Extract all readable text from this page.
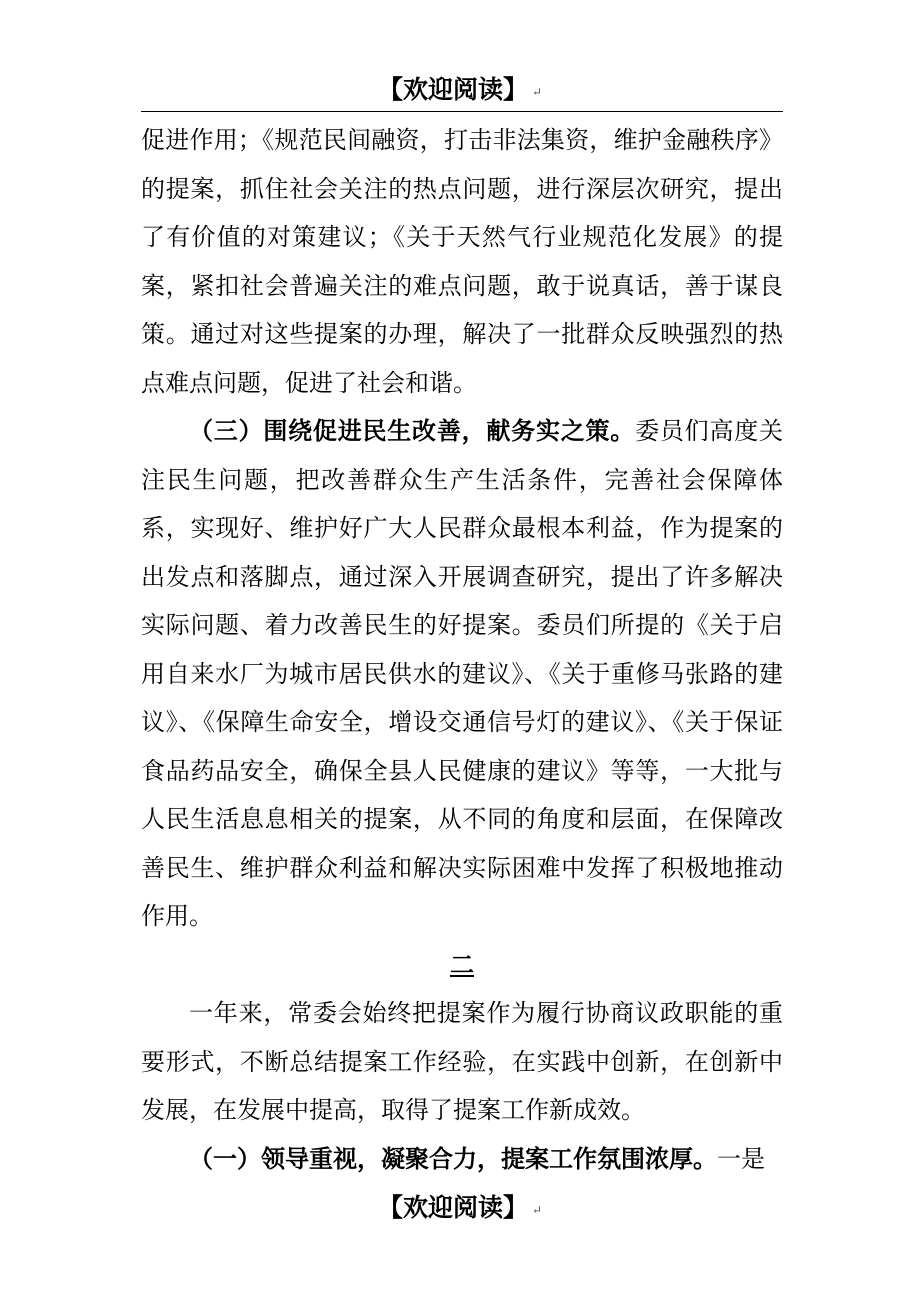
【欢迎阅读】 ↵

促进作用；《规范民间融资，打击非法集资，维护金融秩序》的提案，抓住社会关注的热点问题，进行深层次研究，提出了有价值的对策建议；《关于天然气行业规范化发展》的提案，紧扣社会普遍关注的难点问题，敢于说真话，善于谋良策。通过对这些提案的办理，解决了一批群众反映强烈的热点难点问题，促进了社会和谐。

（三）围绕促进民生改善，献务实之策。委员们高度关注民生问题，把改善群众生产生活条件，完善社会保障体系，实现好、维护好广大人民群众最根本利益，作为提案的出发点和落脚点，通过深入开展调查研究，提出了许多解决实际问题、着力改善民生的好提案。委员们所提的《关于启用自来水厂为城市居民供水的建议》、《关于重修马张路的建议》、《保障生命安全，增设交通信号灯的建议》、《关于保证食品药品安全，确保全县人民健康的建议》等等，一大批与人民生活息息相关的提案，从不同的角度和层面，在保障改善民生、维护群众利益和解决实际困难中发挥了积极地推动作用。

二

一年来，常委会始终把提案作为履行协商议政职能的重要形式，不断总结提案工作经验，在实践中创新，在创新中发展，在发展中提高，取得了提案工作新成效。

（一）领导重视，凝聚合力，提案工作氛围浓厚。一是

【欢迎阅读】 ↵
